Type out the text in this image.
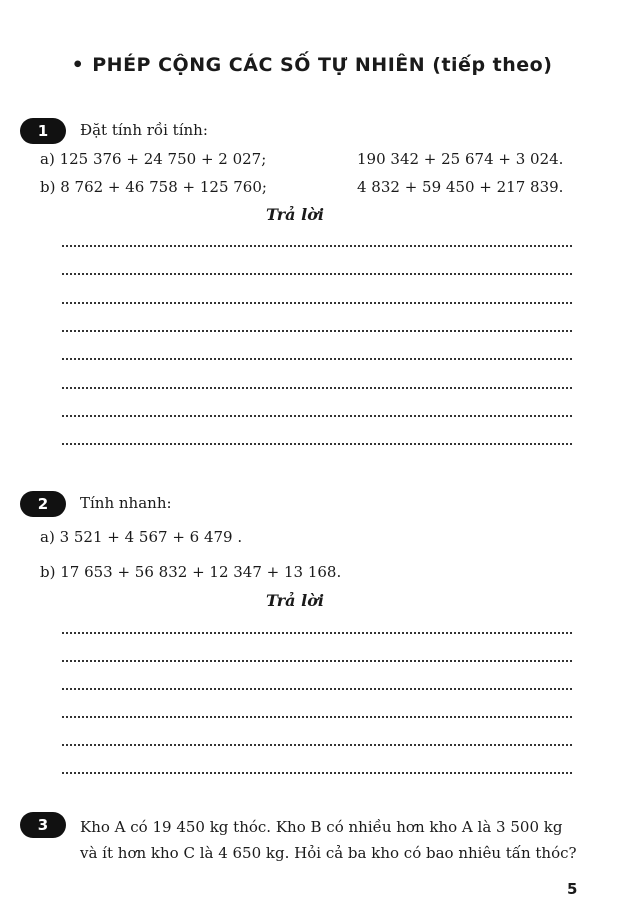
• PHÉP CỘNG CÁC SỐ TỰ NHIÊN (tiếp theo)
1	Đặt tính rồi tính:
a) 125 376 + 24 750 + 2 027;	190 342 + 25 674 + 3 024.
b) 8 762 + 46 758 + 125 760;	4 832 + 59 450 + 217 839.
Trả lời
2	Tính nhanh:
a) 3 521 + 4 567 + 6 479 .
b) 17 653 + 56 832 + 12 347 + 13 168.
Trả lời
3	Kho A có 19 450 kg thóc. Kho B có nhiều hơn kho A là 3 500 kg
và ít hơn kho C là 4 650 kg. Hỏi cả ba kho có bao nhiêu tấn thóc?
5
